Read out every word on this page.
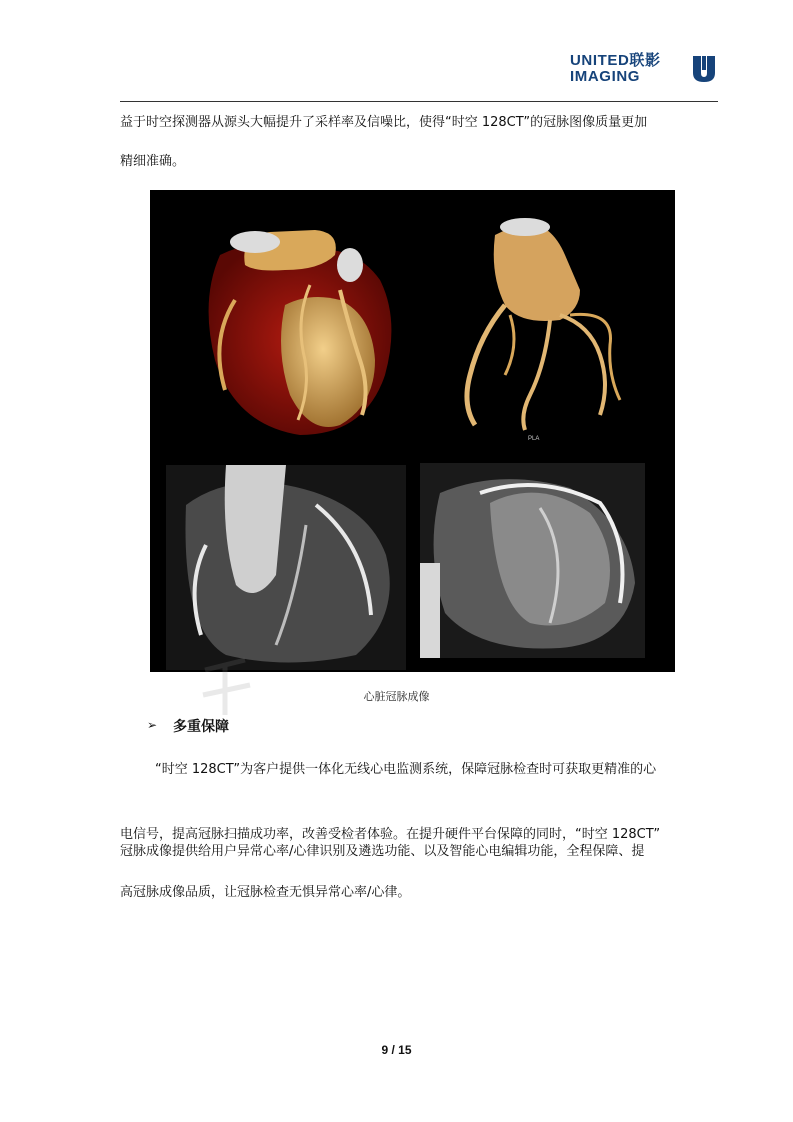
UNITED联影
IMAGING
益于时空探测器从源头大幅提升了采样率及信噪比，使得“时空 128CT”的冠脉图像质量更加
精细准确。
PLA
心脏冠脉成像
➢ 多重保障
“时空 128CT”为客户提供一体化无线心电监测系统，保障冠脉检查时可获取更精准的心
电信号，提高冠脉扫描成功率，改善受检者体验。在提升硬件平台保障的同时，“时空 128CT”
冠脉成像提供给用户异常心率/心律识别及遴选功能、以及智能心电编辑功能，全程保障、提
高冠脉成像品质，让冠脉检查无惧异常心率/心律。
9 / 15
